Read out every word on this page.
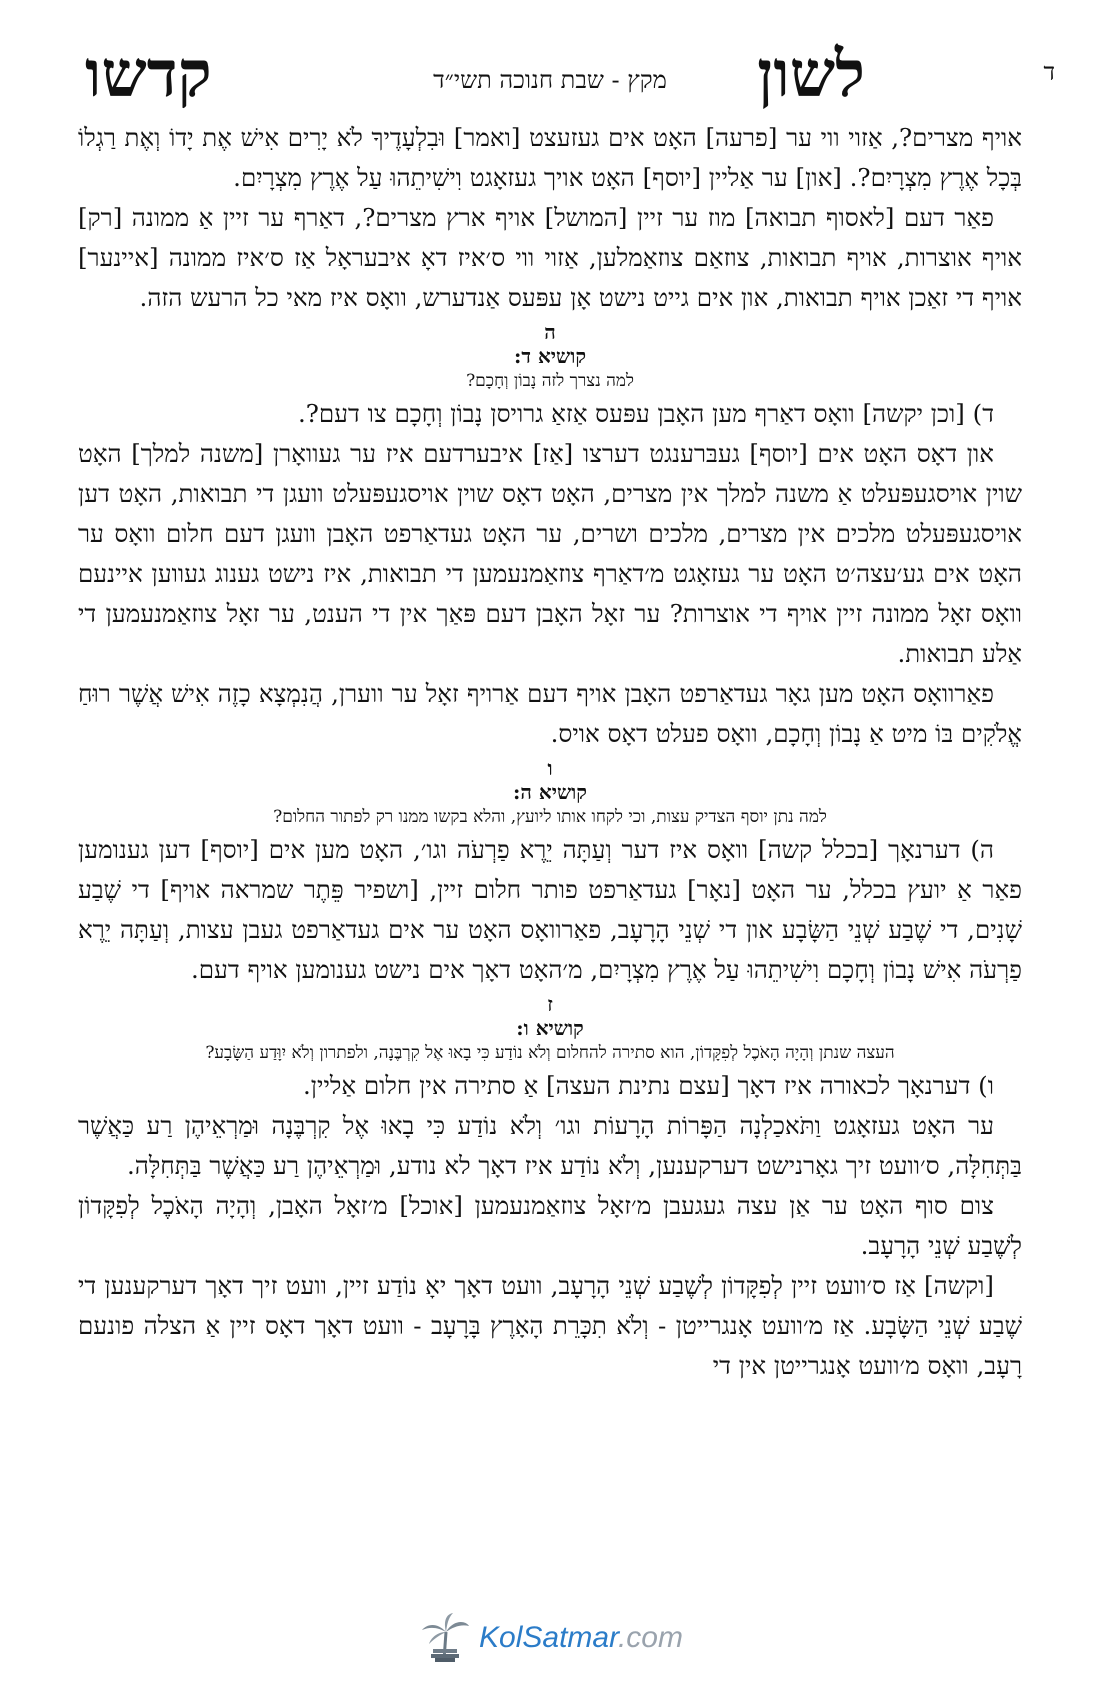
ד
לשון
מקץ - שבת חנוכה תשי״ד
קדשו

אויף מצרים?, אַזוי ווי ער [פרעה] האָט אים געזעצט [ואמר] וּבִלְעָדֶיךָ לֹא יָרִים אִישׁ אֶת יָדוֹ וְאֶת רַגְלוֹ בְּכָל אֶרֶץ מִצְרָיִם?. [און] ער אַליין [יוסף] האָט אויך געזאָגט וִישִׁיתֵהוּ עַל אֶרֶץ מִצְרָיִם.

פאַר דעם [לאסוף תבואה] מוז ער זיין [המושל] אויף ארץ מצרים?, דאַרף ער זיין אַ ממונה [רק] אויף אוצרות, אויף תבואות, צוזאַם צוזאַמלען, אַזוי ווי ס׳איז דאָ איבעראָל אַז ס׳איז ממונה [איינער] אויף די זאַכן אויף תבואות, און אים גייט נישט אָן עפּעס אַנדערש, וואָס איז מאי כל הרעש הזה.

ה
קושיא ד:
למה נצרך לזה נָבוֹן וְחָכָם?

ד) [וכן יקשה] וואָס דאַרף מען האָבן עפּעס אַזאַ גרויסן נָבוֹן וְחָכָם צו דעם?.

און דאָס האָט אים [יוסף] געבּרענגט דערצו [אַז] איבערדעם איז ער געוואָרן [משנה למלך] האָט שוין אויסגעפּעלט אַ משנה למלך אין מצרים, האָט דאָס שוין אויסגעפּעלט וועגן די תבואות, האָט דען אויסגעפּעלט מלכים אין מצרים, מלכים ושרים, ער האָט געדאַרפט האָבן וועגן דעם חלום וואָס ער האָט אים גע׳עצה׳ט האָט ער געזאָגט מ׳דאַרף צוזאַמנעמען די תבואות, איז נישט גענוג געווען איינעם וואָס זאָל ממונה זיין אויף די אוצרות? ער זאָל האָבן דעם פּאַך אין די הענט, ער זאָל צוזאַמנעמען די אַלע תבואות.

פאַרוואָס האָט מען גאָר געדאַרפט האָבן אויף דעם אַרויף זאָל ער ווערן, הֲנִמְצָא כָזֶה אִישׁ אֲשֶׁר רוּחַ אֱלֹקִים בּוֹ מיט אַ נָבוֹן וְחָכָם, וואָס פעלט דאָס אויס.

ו
קושיא ה:
למה נתן יוסף הצדיק עצות, וכי לקחו אותו ליועץ, והלא בקשו ממנו רק לפתור החלום?

ה) דערנאָך [בכלל קשה] וואָס איז דער וְעַתָּה יֵרֶא פַרְעֹה וגו׳, האָט מען אים [יוסף] דען גענומען פאַר אַ יועץ בכלל, ער האָט [נאָר] געדאַרפט פותר חלום זיין, [ושפיר פֵּתֶר שמראה אויף] די שֶׁבַע שָׁנִים, די שֶׁבַע שְׁנֵי הַשָּׂבָע און די שְׁנֵי הָרָעָב, פאַרוואָס האָט ער אים געדאַרפט געבן עצות, וְעַתָּה יֵרֶא פַרְעֹה אִישׁ נָבוֹן וְחָכָם וִישִׁיתֵהוּ עַל אֶרֶץ מִצְרָיִם, מ׳האָט דאָך אים נישט גענומען אויף דעם.

ז
קושיא ו:
העצה שנתן וְהָיָה הָאֹכֶל לְפִקָּדוֹן, הוא סתירה להחלום וְלֹא נוֹדַע כִּי בָאוּ אֶל קִרְבֶּנָה, ולפתרון וְלֹא יִוָּדַע הַשָּׂבָע?

ו) דערנאָך לכאורה איז דאָך [עצם נתינת העצה] אַ סתירה אין חלום אַליין.

ער האָט געזאָגט וַתֹּאכַלְנָה הַפָּרוֹת הָרָעוֹת וגו׳ וְלֹא נוֹדַע כִּי בָאוּ אֶל קִרְבֶּנָה וּמַרְאֵיהֶן רַע כַּאֲשֶׁר בַּתְּחִלָּה, ס׳וועט זיך גאָרנישט דערקענען, וְלֹא נוֹדַע איז דאָך לא נודע, וּמַרְאֵיהֶן רַע כַּאֲשֶׁר בַּתְּחִלָּה.

צום סוף האָט ער אַן עצה געגעבן מ׳זאָל צוזאַמנעמען [אוכל] מ׳זאָל האָבן, וְהָיָה הָאֹכֶל לְפִקָּדוֹן לְשֶׁבַע שְׁנֵי הָרָעָב.

[וקשה] אַז ס׳וועט זיין לְפִקָּדוֹן לְשֶׁבַע שְׁנֵי הָרָעָב, וועט דאָך יאָ נוֹדַע זיין, וועט זיך דאָך דערקענען די שֶׁבַע שְׁנֵי הַשָּׂבָע. אַז מ׳וועט אָנגרייטן - וְלֹא תִכָּרֵת הָאָרֶץ בָּרָעָב - וועט דאָך דאָס זיין אַ הצלה פונעם רָעָב, וואָס מ׳וועט אָנגרייטן אין די

KolSatmar.com
